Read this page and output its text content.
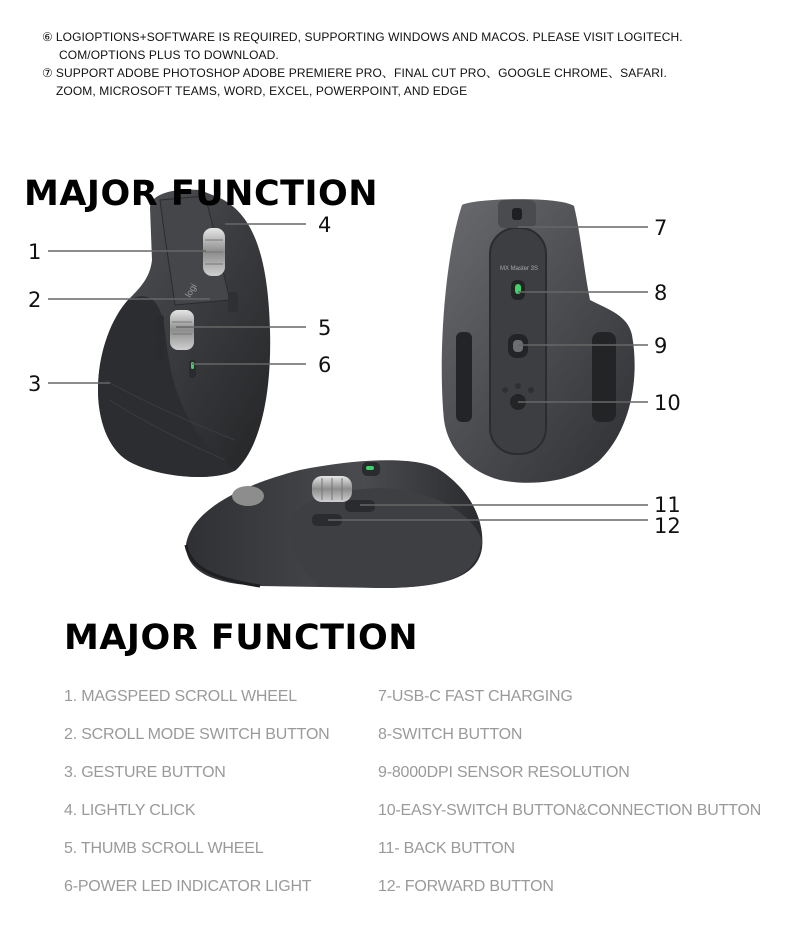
⑥ LOGIOPTIONS+SOFTWARE IS REQUIRED, SUPPORTING WINDOWS AND MACOS. PLEASE VISIT LOGITECH.
COM/OPTIONS PLUS TO DOWNLOAD.
⑦ SUPPORT ADOBE PHOTOSHOP ADOBE PREMIERE PRO、FINAL CUT PRO、GOOGLE CHROME、SAFARI.
ZOOM, MICROSOFT TEAMS, WORD, EXCEL, POWERPOINT, AND EDGE
MAJOR FUNCTION
logi
1
2
3
4
5
6
MX Master 3S
7
8
9
10
11
12
MAJOR FUNCTION
1. MAGSPEED SCROLL WHEEL
2. SCROLL MODE SWITCH BUTTON
3. GESTURE BUTTON
4. LIGHTLY CLICK
5. THUMB SCROLL WHEEL
6-POWER LED INDICATOR LIGHT
7-USB-C FAST CHARGING
8-SWITCH BUTTON
9-8000DPI SENSOR RESOLUTION
10-EASY-SWITCH BUTTON&CONNECTION BUTTON
11- BACK BUTTON
12- FORWARD BUTTON
